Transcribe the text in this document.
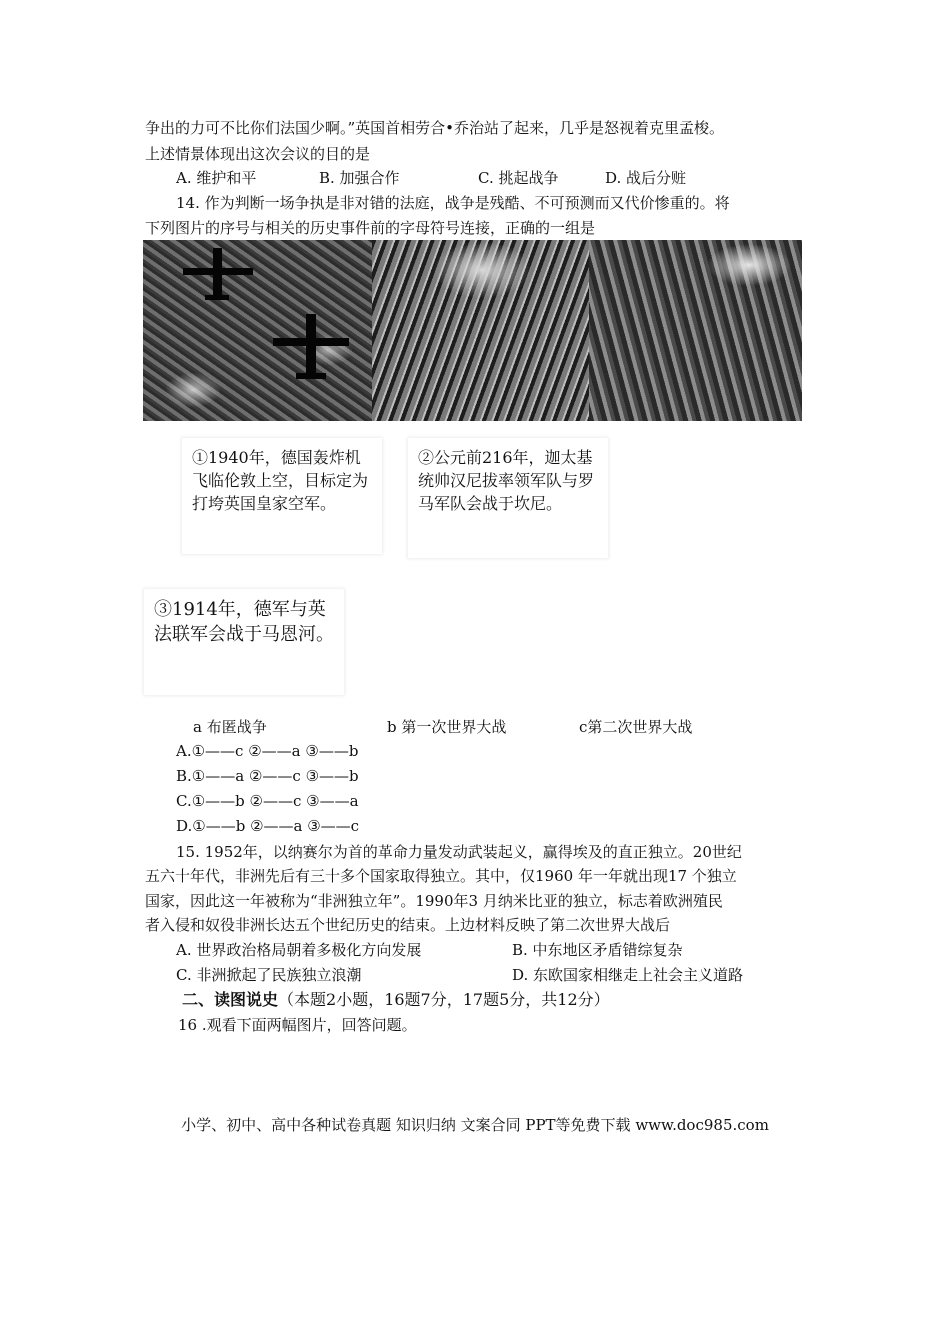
争出的力可不比你们法国少啊。”英国首相劳合•乔治站了起来，几乎是怒视着克里孟梭。
上述情景体现出这次会议的目的是
A. 维护和平	B. 加强合作	C. 挑起战争	D. 战后分赃
14. 作为判断一场争执是非对错的法庭，战争是残酷、不可预测而又代价惨重的。将
下列图片的序号与相关的历史事件前的字母符号连接，正确的一组是
①1940年，德国轰炸机飞临伦敦上空，目标定为打垮英国皇家空军。
②公元前216年，迦太基统帅汉尼拔率领军队与罗马军队会战于坎尼。
③1914年，德军与英法联军会战于马恩河。
a 布匿战争	b 第一次世界大战	c第二次世界大战
A.①——c ②——a ③——b
B.①——a ②——c ③——b
C.①——b ②——c ③——a
D.①——b ②——a ③——c
15. 1952年，以纳赛尔为首的革命力量发动武装起义，赢得埃及的直正独立。20世纪
五六十年代，非洲先后有三十多个国家取得独立。其中，仅1960 年一年就出现17 个独立
国家，因此这一年被称为“非洲独立年”。1990年3 月纳米比亚的独立，标志着欧洲殖民
者入侵和奴役非洲长达五个世纪历史的结束。上边材料反映了第二次世界大战后
A. 世界政治格局朝着多极化方向发展	B. 中东地区矛盾错综复杂
C. 非洲掀起了民族独立浪潮	D. 东欧国家相继走上社会主义道路
二、读图说史（本题2小题，16题7分，17题5分，共12分）
16 .观看下面两幅图片，回答问题。
小学、初中、高中各种试卷真题 知识归纳 文案合同 PPT等免费下载 www.doc985.com
